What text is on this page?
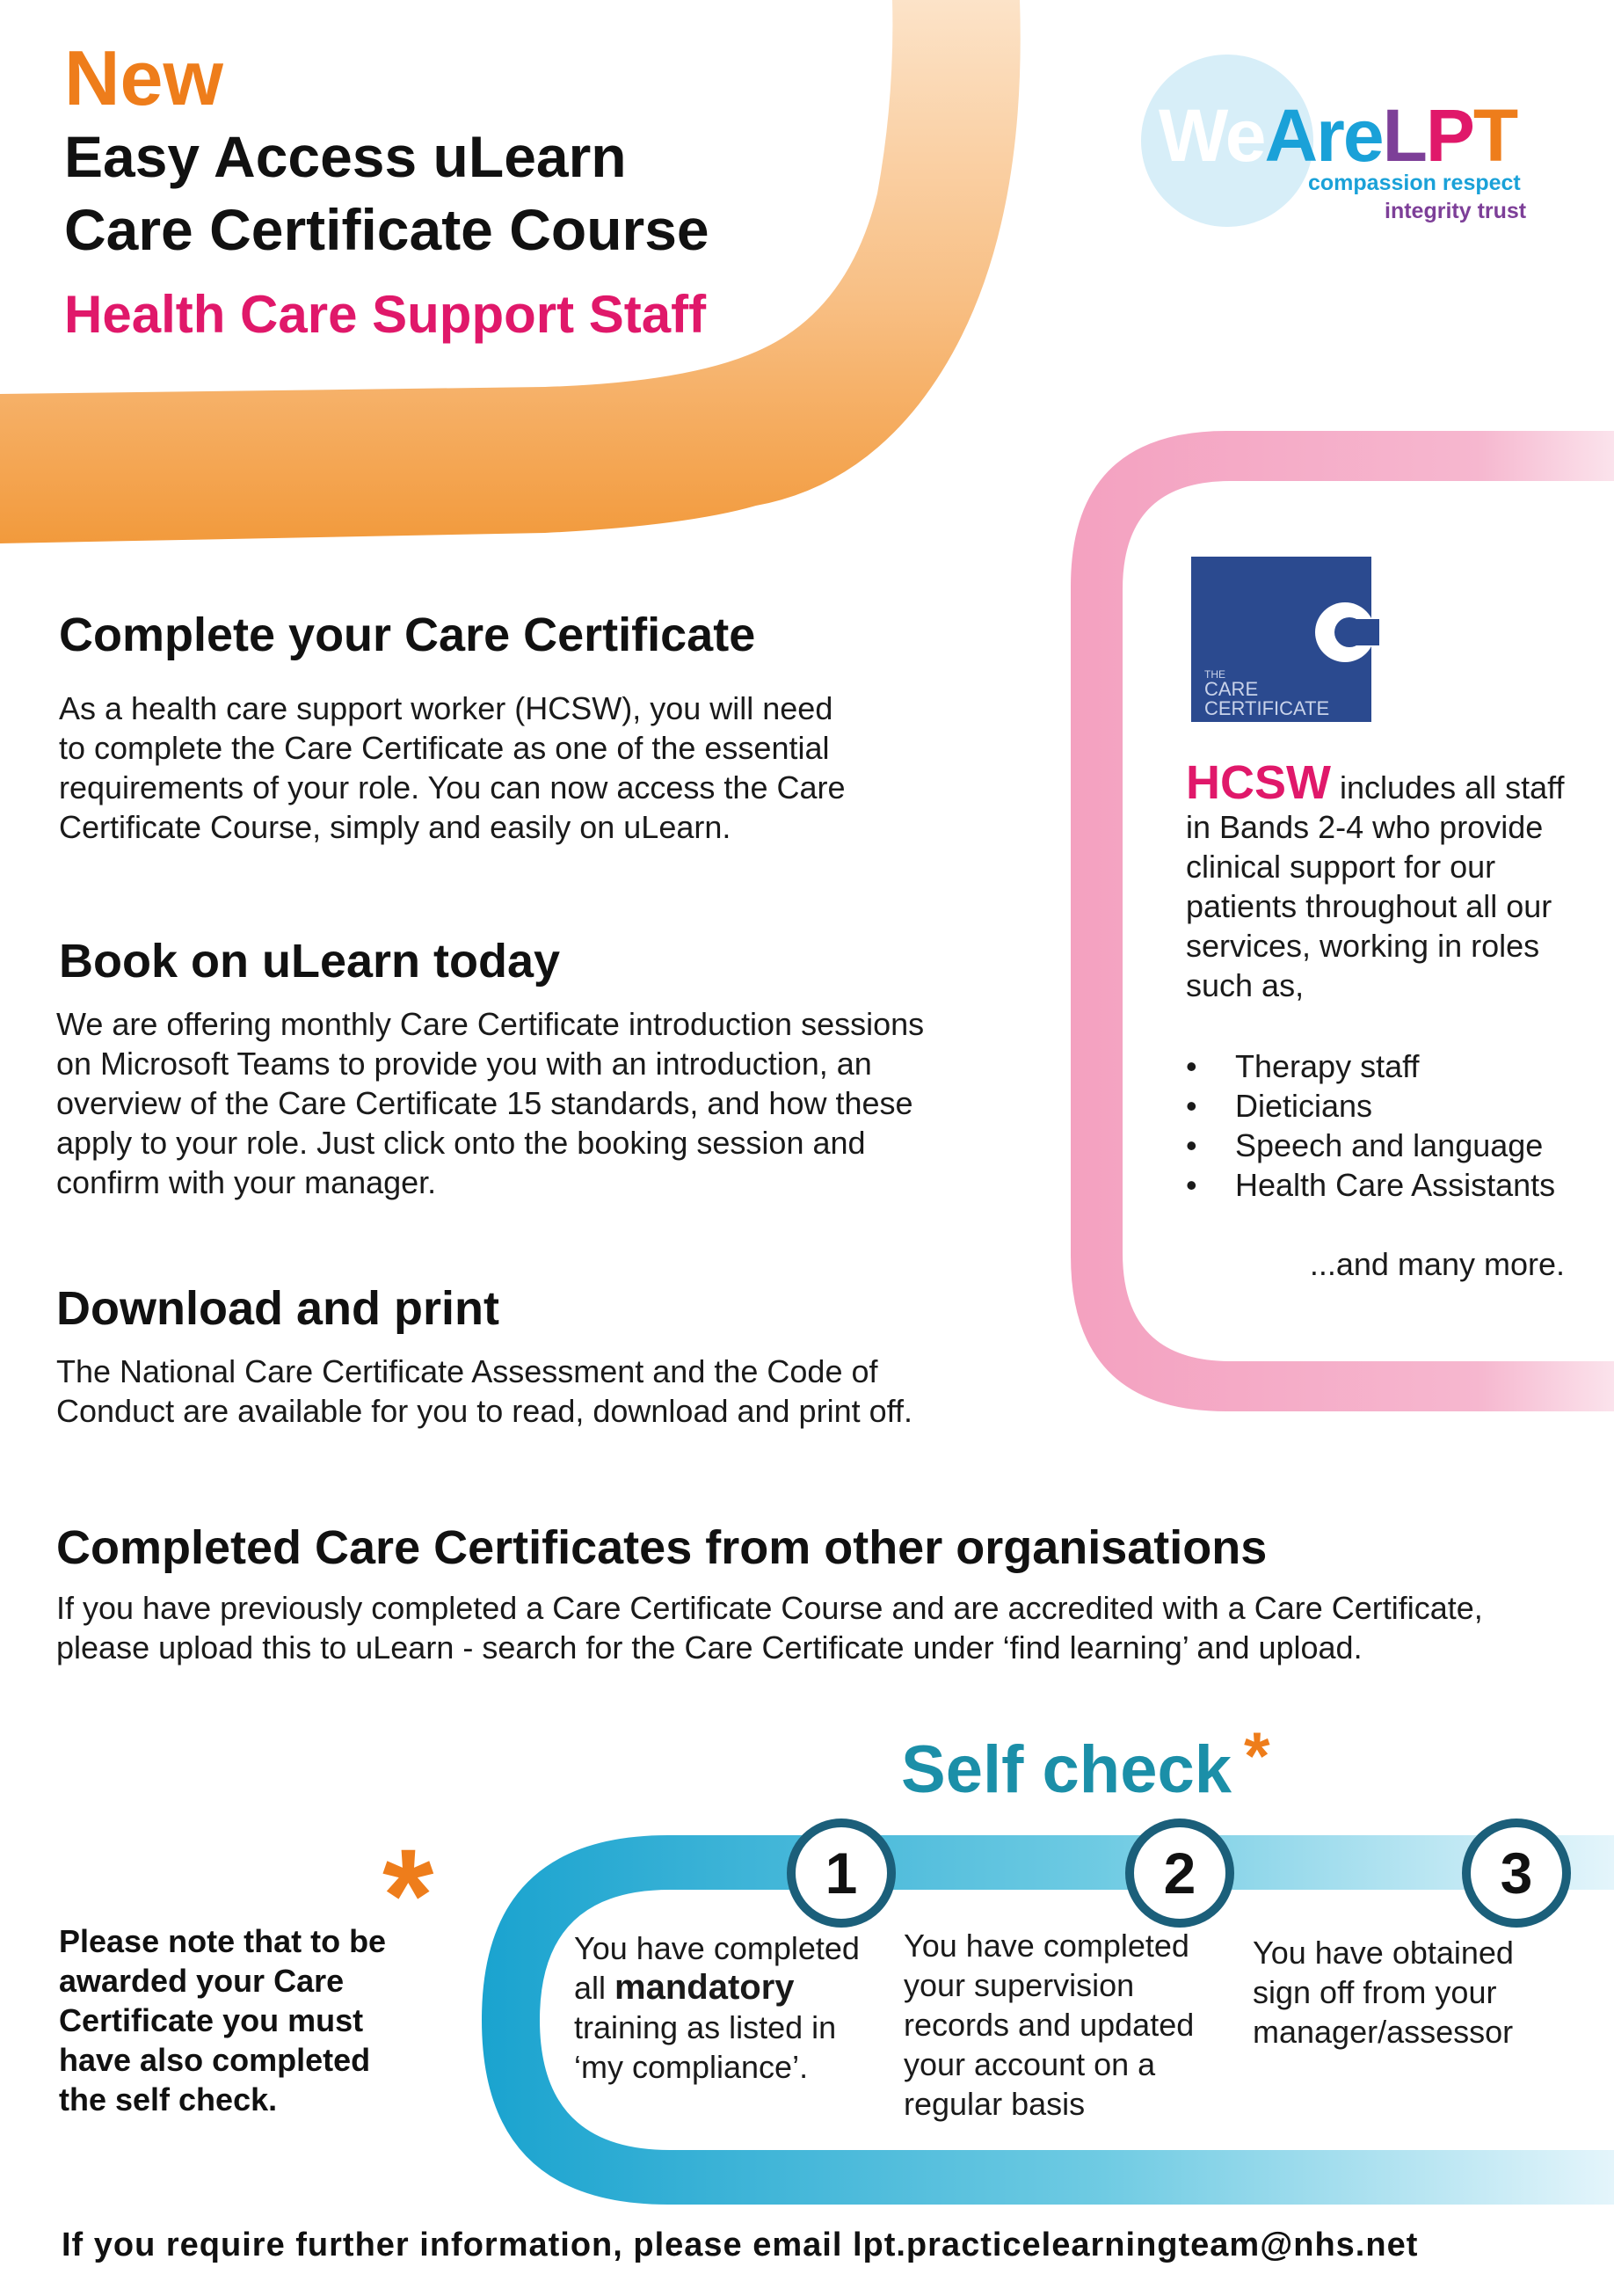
New
Easy Access uLearn
Care Certificate Course
Health Care Support Staff
WeAreLPT
compassion respect
integrity trust
Complete your Care Certificate
As a health care support worker (HCSW), you will need
to complete the Care Certificate as one of the essential
requirements of your role. You can now access the Care
Certificate Course, simply and easily on uLearn.
Book on uLearn today
We are offering monthly Care Certificate introduction sessions
on Microsoft Teams to provide you with an introduction, an
overview of the Care Certificate 15 standards, and how these
apply to your role. Just click onto the booking session and
confirm with your manager.
Download and print
The National Care Certificate Assessment and the Code of
Conduct are available for you to read, download and print off.
Completed Care Certificates from other organisations
If you have previously completed a Care Certificate Course and are accredited with a Care Certificate,
please upload this to uLearn - search for the Care Certificate under ‘find learning’ and upload.
THE
CARE
CERTIFICATE
HCSW includes all staff in Bands 2-4 who provide clinical support for our patients throughout all our services, working in roles such as,
• Therapy staff
• Dieticians
• Speech and language
• Health Care Assistants
...and many more.
Self check *
1	2	3
You have completed
all mandatory
training as listed in
‘my compliance’.
You have completed
your supervision
records and updated
your account on a
regular basis
You have obtained
sign off from your
manager/assessor
*
Please note that to be
awarded your Care
Certificate you must
have also completed
the self check.
If you require further information, please email lpt.practicelearningteam@nhs.net
